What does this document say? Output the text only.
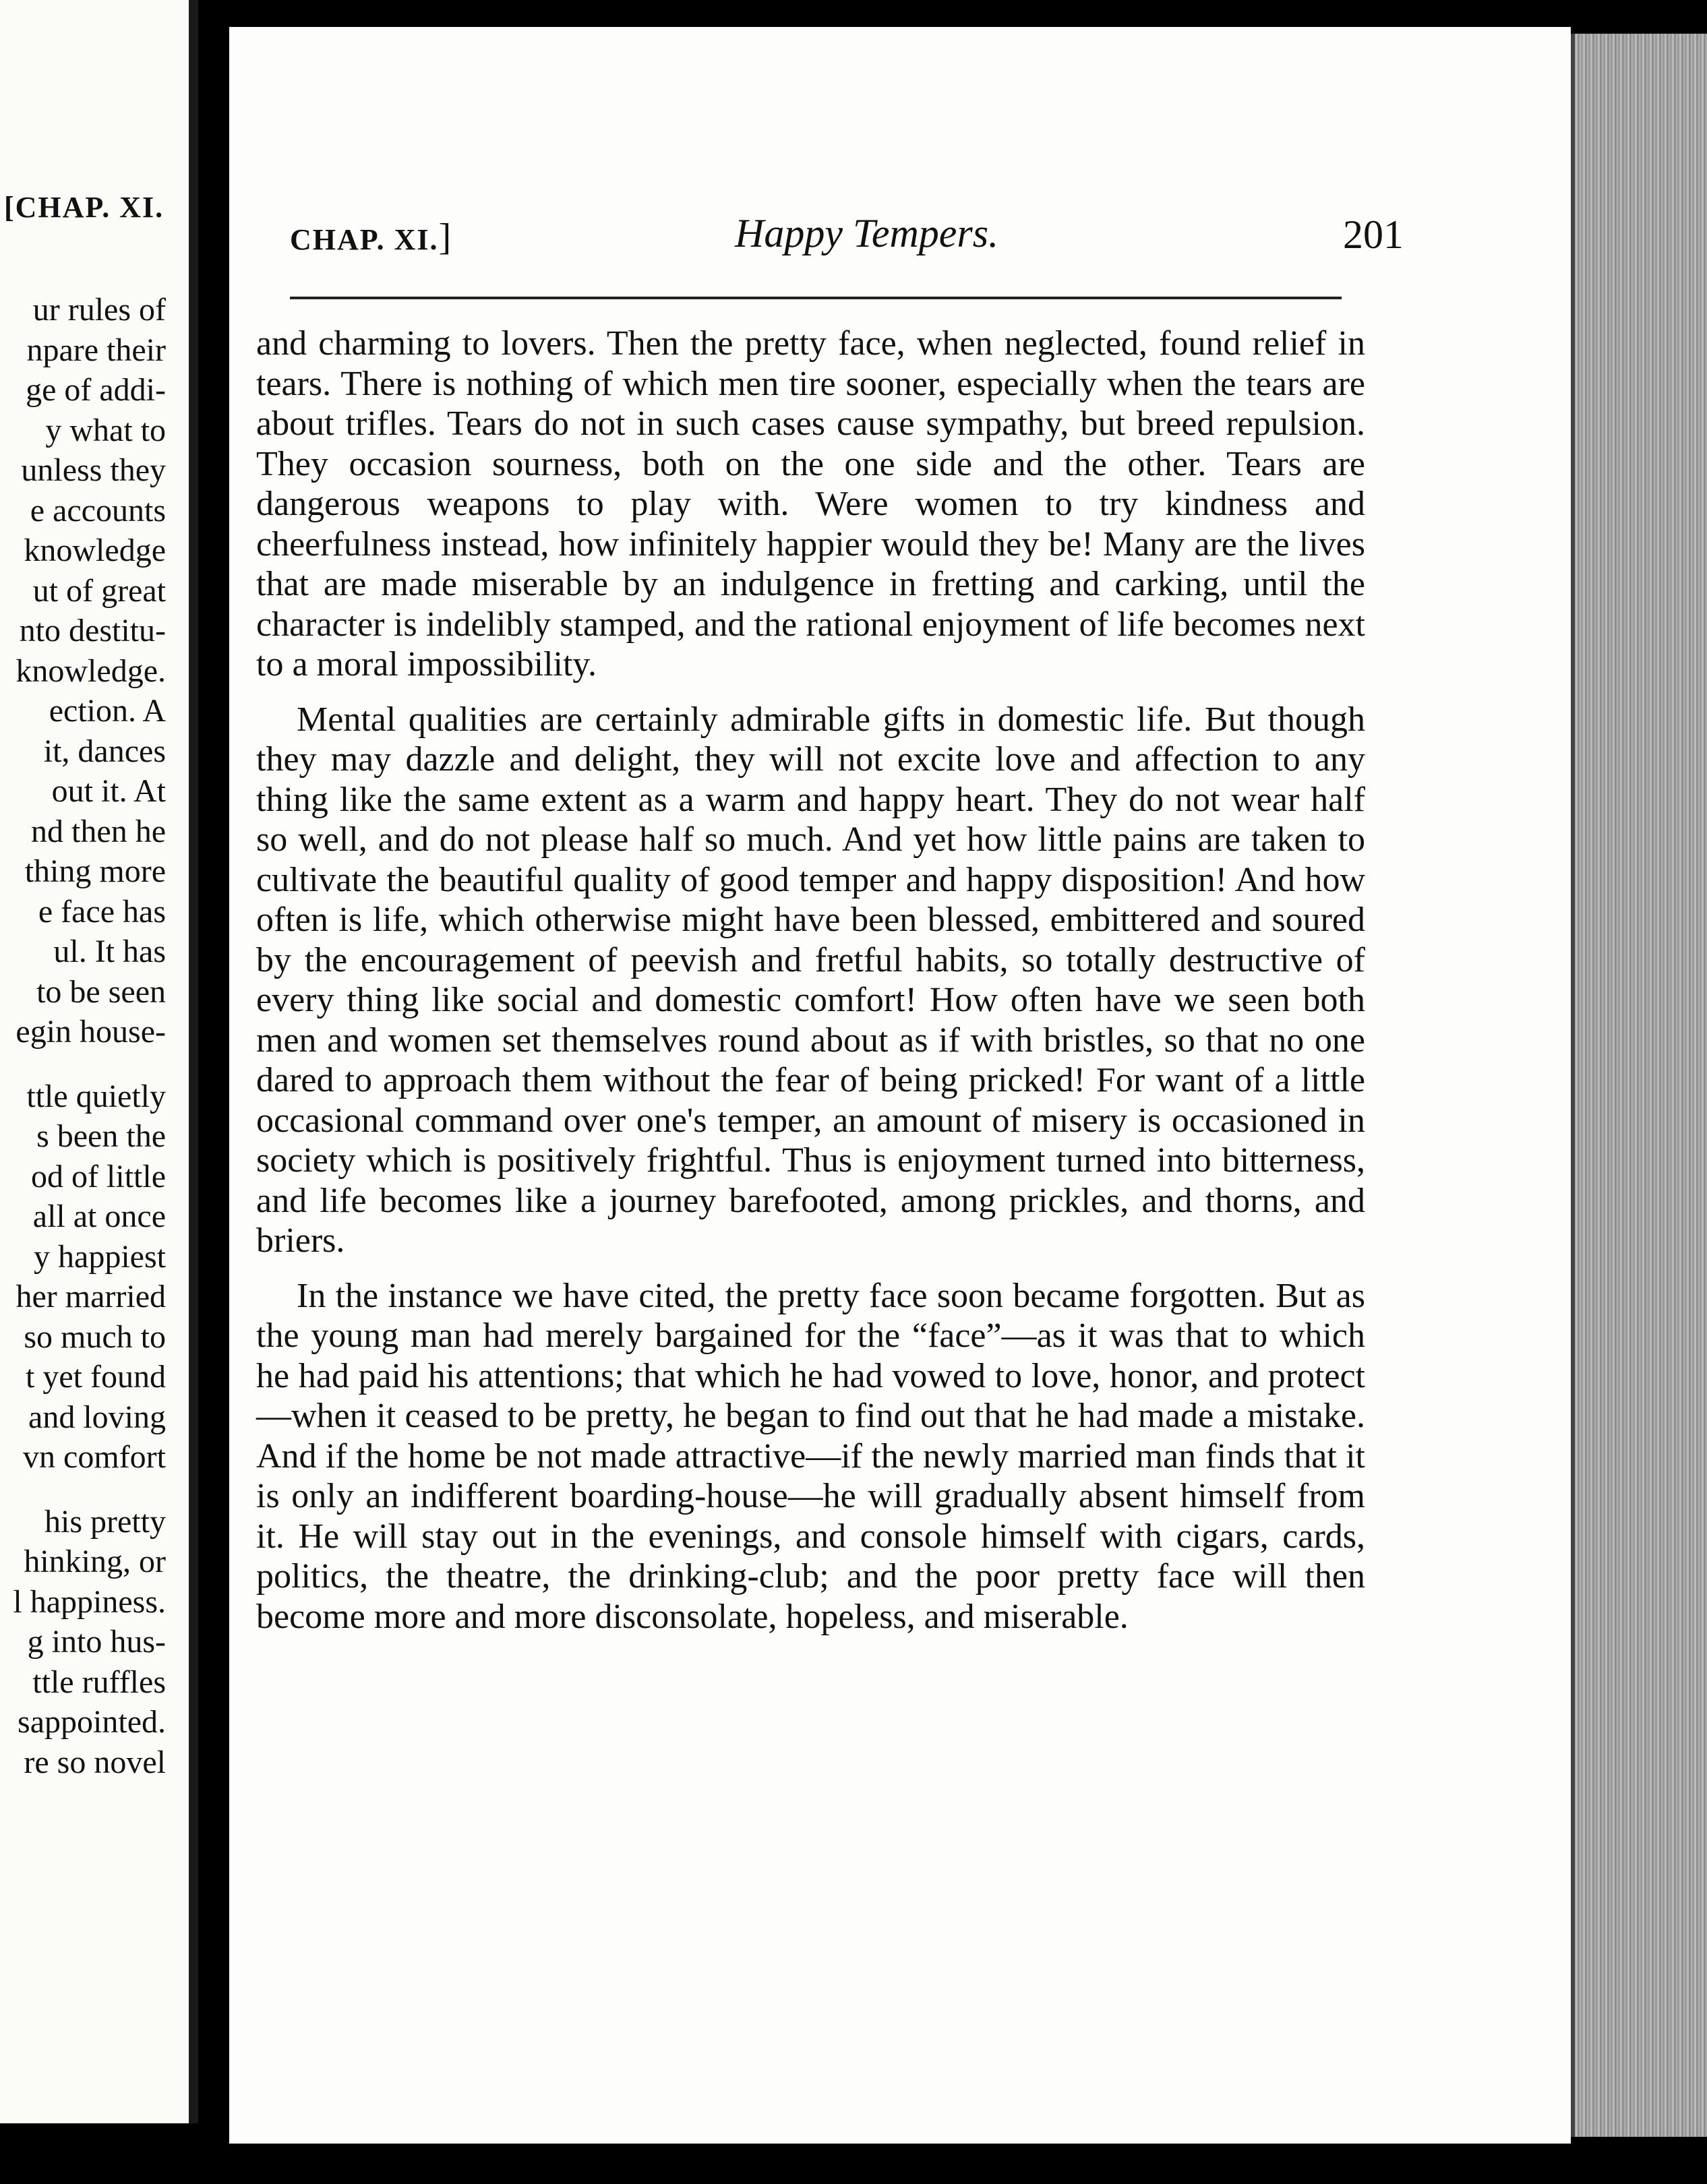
[CHAP. XI.
ur rules of
npare their
ge of addi-
y what to
unless they
e accounts
knowledge
ut of great
nto destitu-
knowledge.
ection. A
it, dances
out it. At
nd then he
thing more
e face has
ul. It has
to be seen
egin house-
ttle quietly
s been the
od of little
all at once
y happiest
her married
so much to
t yet found
and loving
vn comfort
his pretty
hinking, or
l happiness.
g into hus-
ttle ruffles
sappointed.
re so novel
CHAP. XI.]	Happy Tempers.	201

and charming to lovers. Then the pretty face, when neglected, found relief in tears. There is nothing of which men tire sooner, especially when the tears are about trifles. Tears do not in such cases cause sympathy, but breed repulsion. They occasion sourness, both on the one side and the other. Tears are dangerous weapons to play with. Were women to try kindness and cheerfulness instead, how infinitely happier would they be! Many are the lives that are made miserable by an indulgence in fretting and carking, until the character is indelibly stamped, and the rational enjoyment of life becomes next to a moral impossibility.

Mental qualities are certainly admirable gifts in domestic life. But though they may dazzle and delight, they will not excite love and affection to any thing like the same extent as a warm and happy heart. They do not wear half so well, and do not please half so much. And yet how little pains are taken to cultivate the beautiful quality of good temper and happy disposition! And how often is life, which otherwise might have been blessed, embittered and soured by the encouragement of peevish and fretful habits, so totally destructive of every thing like social and domestic comfort! How often have we seen both men and women set themselves round about as if with bristles, so that no one dared to approach them without the fear of being pricked! For want of a little occasional command over one's temper, an amount of misery is occasioned in society which is positively frightful. Thus is enjoyment turned into bitterness, and life becomes like a journey barefooted, among prickles, and thorns, and briers.

In the instance we have cited, the pretty face soon became forgotten. But as the young man had merely bargained for the “face”—as it was that to which he had paid his attentions; that which he had vowed to love, honor, and protect—when it ceased to be pretty, he began to find out that he had made a mistake. And if the home be not made attractive—if the newly married man finds that it is only an indifferent boarding-house—he will gradually absent himself from it. He will stay out in the evenings, and console himself with cigars, cards, politics, the theatre, the drinking-club; and the poor pretty face will then become more and more disconsolate, hopeless, and miserable.
